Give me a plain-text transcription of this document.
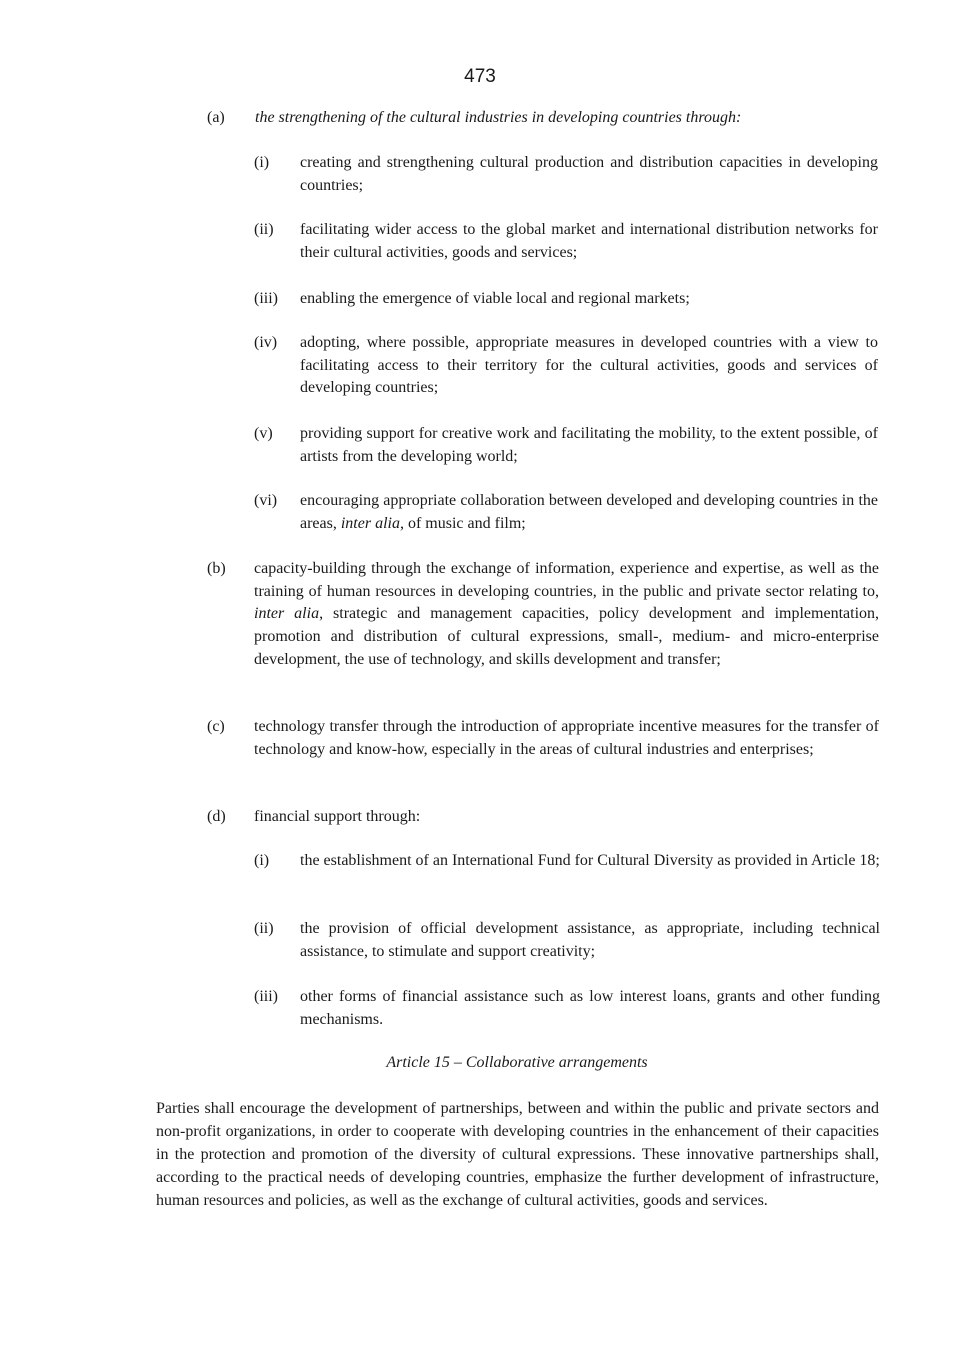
473
(a) the strengthening of the cultural industries in developing countries through:
(i) creating and strengthening cultural production and distribution capacities in developing countries;
(ii) facilitating wider access to the global market and international distribution networks for their cultural activities, goods and services;
(iii) enabling the emergence of viable local and regional markets;
(iv) adopting, where possible, appropriate measures in developed countries with a view to facilitating access to their territory for the cultural activities, goods and services of developing countries;
(v) providing support for creative work and facilitating the mobility, to the extent possible, of artists from the developing world;
(vi) encouraging appropriate collaboration between developed and developing countries in the areas, inter alia, of music and film;
(b) capacity-building through the exchange of information, experience and expertise, as well as the training of human resources in developing countries, in the public and private sector relating to, inter alia, strategic and management capacities, policy development and implementation, promotion and distribution of cultural expressions, small-, medium- and micro-enterprise development, the use of technology, and skills development and transfer;
(c) technology transfer through the introduction of appropriate incentive measures for the transfer of technology and know-how, especially in the areas of cultural industries and enterprises;
(d) financial support through:
(i) the establishment of an International Fund for Cultural Diversity as provided in Article 18;
(ii) the provision of official development assistance, as appropriate, including technical assistance, to stimulate and support creativity;
(iii) other forms of financial assistance such as low interest loans, grants and other funding mechanisms.
Article 15 – Collaborative arrangements
Parties shall encourage the development of partnerships, between and within the public and private sectors and non-profit organizations, in order to cooperate with developing countries in the enhancement of their capacities in the protection and promotion of the diversity of cultural expressions. These innovative partnerships shall, according to the practical needs of developing countries, emphasize the further development of infrastructure, human resources and policies, as well as the exchange of cultural activities, goods and services.
